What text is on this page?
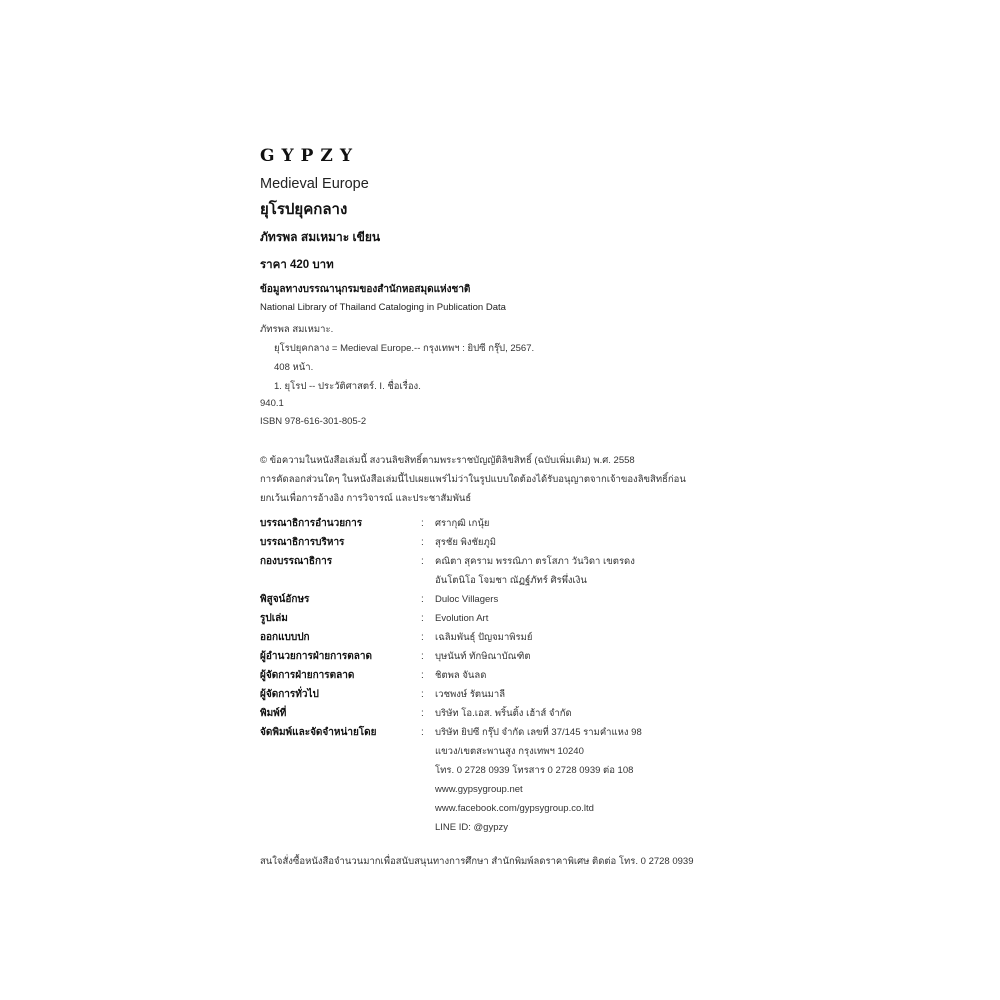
GYPZY
Medieval Europe
ยุโรปยุคกลาง
ภัทรพล สมเหมาะ เขียน
ราคา 420 บาท
ข้อมูลทางบรรณานุกรมของสำนักหอสมุดแห่งชาติ
National Library of Thailand Cataloging in Publication Data
ภัทรพล สมเหมาะ.
ยุโรปยุคกลาง = Medieval Europe.-- กรุงเทพฯ : ยิปซี กรุ๊ป, 2567.
408 หน้า.
1. ยุโรป -- ประวัติศาสตร์. I. ชื่อเรื่อง.
940.1
ISBN 978-616-301-805-2
© ข้อความในหนังสือเล่มนี้ สงวนลิขสิทธิ์ตามพระราชบัญญัติลิขสิทธิ์ (ฉบับเพิ่มเติม) พ.ศ. 2558
การคัดลอกส่วนใดๆ ในหนังสือเล่มนี้ไปเผยแพร่ไม่ว่าในรูปแบบใดต้องได้รับอนุญาตจากเจ้าของลิขสิทธิ์ก่อน
ยกเว้นเพื่อการอ้างอิง การวิจารณ์ และประชาสัมพันธ์
บรรณาธิการอำนวยการ	: ศรากุฒิ เกนุ้ย
บรรณาธิการบริหาร	: สุรชัย พิงชัยภูมิ
กองบรรณาธิการ	: คณิตา สุคราม พรรณิภา ตรโสภา วันวิดา เขตรดง
อันโตนิโอ โจมชา ณัฏฐ์ภัทร์ ศิรพึ่งเงิน
พิสูจน์อักษร	: Duloc Villagers
รูปเล่ม	: Evolution Art
ออกแบบปก	: เฉลิมพันธุ์ ปัญจมาพิรมย์
ผู้อำนวยการฝ่ายการตลาด	: บุษนันท์ ทักษิณาบัณฑิต
ผู้จัดการฝ่ายการตลาด	: ชิตพล จันลด
ผู้จัดการทั่วไป	: เวชพงษ์ รัตนมาลี
พิมพ์ที่	: บริษัท โอ.เอส. พริ้นติ้ง เฮ้าส์ จำกัด
จัดพิมพ์และจัดจำหน่ายโดย	: บริษัท ยิปซี กรุ๊ป จำกัด เลขที่ 37/145 รามคำแหง 98
แขวง/เขตสะพานสูง กรุงเทพฯ 10240
โทร. 0 2728 0939 โทรสาร 0 2728 0939 ต่อ 108
www.gypsygroup.net
www.facebook.com/gypsygroup.co.ltd
LINE ID: @gypzy
สนใจสั่งซื้อหนังสือจำนวนมากเพื่อสนับสนุนทางการศึกษา สำนักพิมพ์ลดราคาพิเศษ ติดต่อ โทร. 0 2728 0939
